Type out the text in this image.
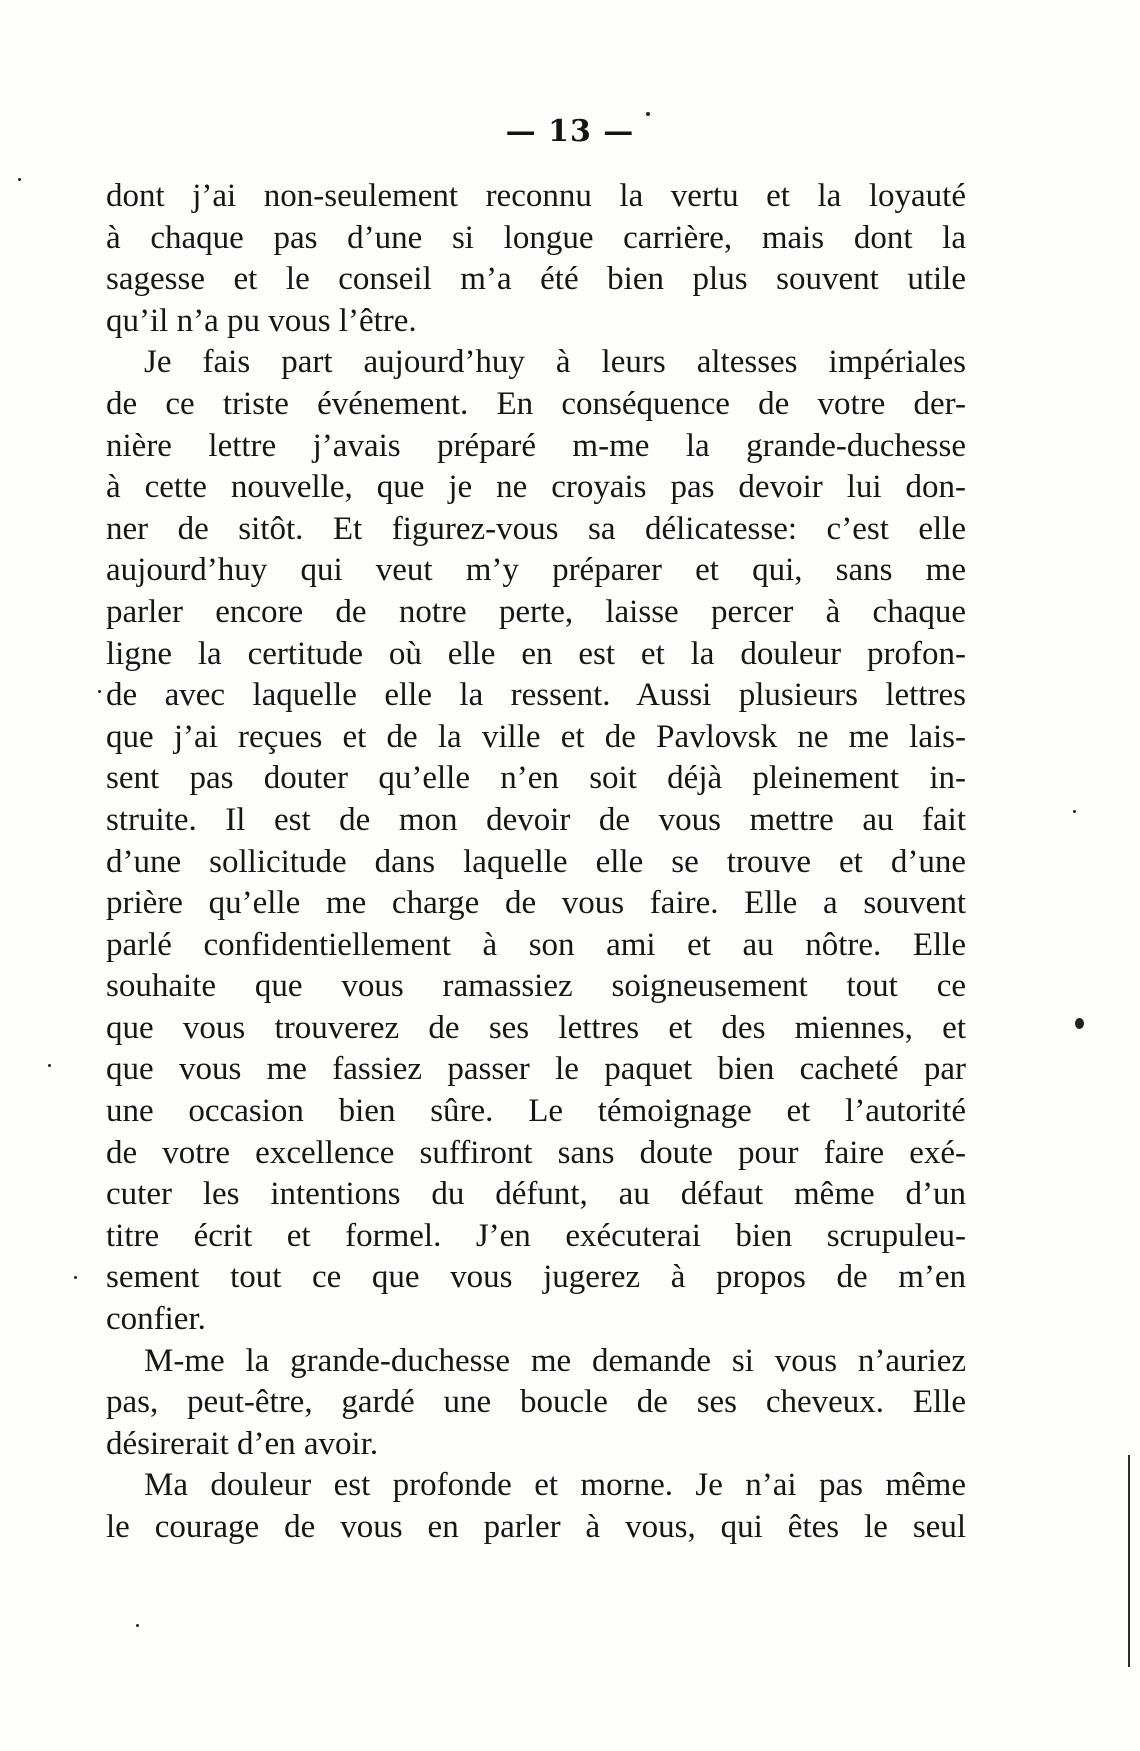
— 13 —
dont j’ai non-seulement reconnu la vertu et la loyauté
à chaque pas d’une si longue carrière, mais dont la
sagesse et le conseil m’a été bien plus souvent utile
qu’il n’a pu vous l’être.
Je fais part aujourd’huy à leurs altesses impériales
de ce triste événement. En conséquence de votre der-
nière lettre j’avais préparé m-me la grande-duchesse
à cette nouvelle, que je ne croyais pas devoir lui don-
ner de sitôt. Et figurez-vous sa délicatesse: c’est elle
aujourd’huy qui veut m’y préparer et qui, sans me
parler encore de notre perte, laisse percer à chaque
ligne la certitude où elle en est et la douleur profon-
de avec laquelle elle la ressent. Aussi plusieurs lettres
que j’ai reçues et de la ville et de Pavlovsk ne me lais-
sent pas douter qu’elle n’en soit déjà pleinement in-
struite. Il est de mon devoir de vous mettre au fait
d’une sollicitude dans laquelle elle se trouve et d’une
prière qu’elle me charge de vous faire. Elle a souvent
parlé confidentiellement à son ami et au nôtre. Elle
souhaite que vous ramassiez soigneusement tout ce
que vous trouverez de ses lettres et des miennes, et
que vous me fassiez passer le paquet bien cacheté par
une occasion bien sûre. Le témoignage et l’autorité
de votre excellence suffiront sans doute pour faire exé-
cuter les intentions du défunt, au défaut même d’un
titre écrit et formel. J’en exécuterai bien scrupuleu-
sement tout ce que vous jugerez à propos de m’en
confier.
M-me la grande-duchesse me demande si vous n’auriez
pas, peut-être, gardé une boucle de ses cheveux. Elle
désirerait d’en avoir.
Ma douleur est profonde et morne. Je n’ai pas même
le courage de vous en parler à vous, qui êtes le seul
